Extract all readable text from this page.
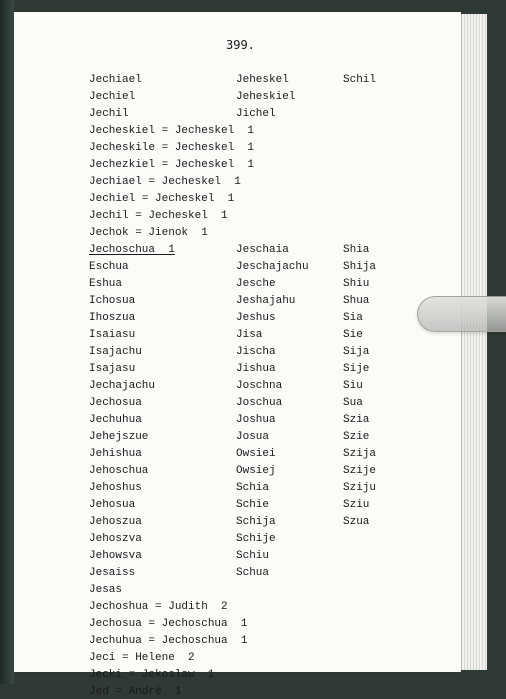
399.
Jechiael
Jechiel
Jechil
Jecheskiel = Jecheskel  1
Jecheskile = Jecheskel  1
Jechezkiel = Jecheskel  1
Jechiael = Jecheskel  1
Jechiel = Jecheskel  1
Jechil = Jecheskel  1
Jechok = Jienok  1
Jechoschua  1
Eschua
Eshua
Ichosua
Ihoszua
Isaiasu
Isajachu
Isajasu
Jechajachu
Jechosua
Jechuhua
Jehejszue
Jehishua
Jehoschua
Jehoshus
Jehosua
Jehoszua
Jehoszva
Jehowsva
Jesaiss
Jesas
Jechoshua = Judith  2
Jechosua = Jechoschua  1
Jechuhua = Jechoschua  1
Jeci = Helene  2
Jecki = Jekoslaw  1
Jed = André  1
Jeheskel
Jeheskiel
Jichel
Jeschaia
Jeschajachu
Jesche
Jeshajahu
Jeshus
Jisa
Jischa
Jishua
Joschna
Joschua
Joshua
Josua
Owsiei
Owsiej
Schia
Schie
Schija
Schije
Schiu
Schua
Schil
Shia
Shija
Shiu
Shua
Sia
Sie
Sija
Sije
Siu
Sua
Szia
Szie
Szija
Szije
Sziju
Sziu
Szua
